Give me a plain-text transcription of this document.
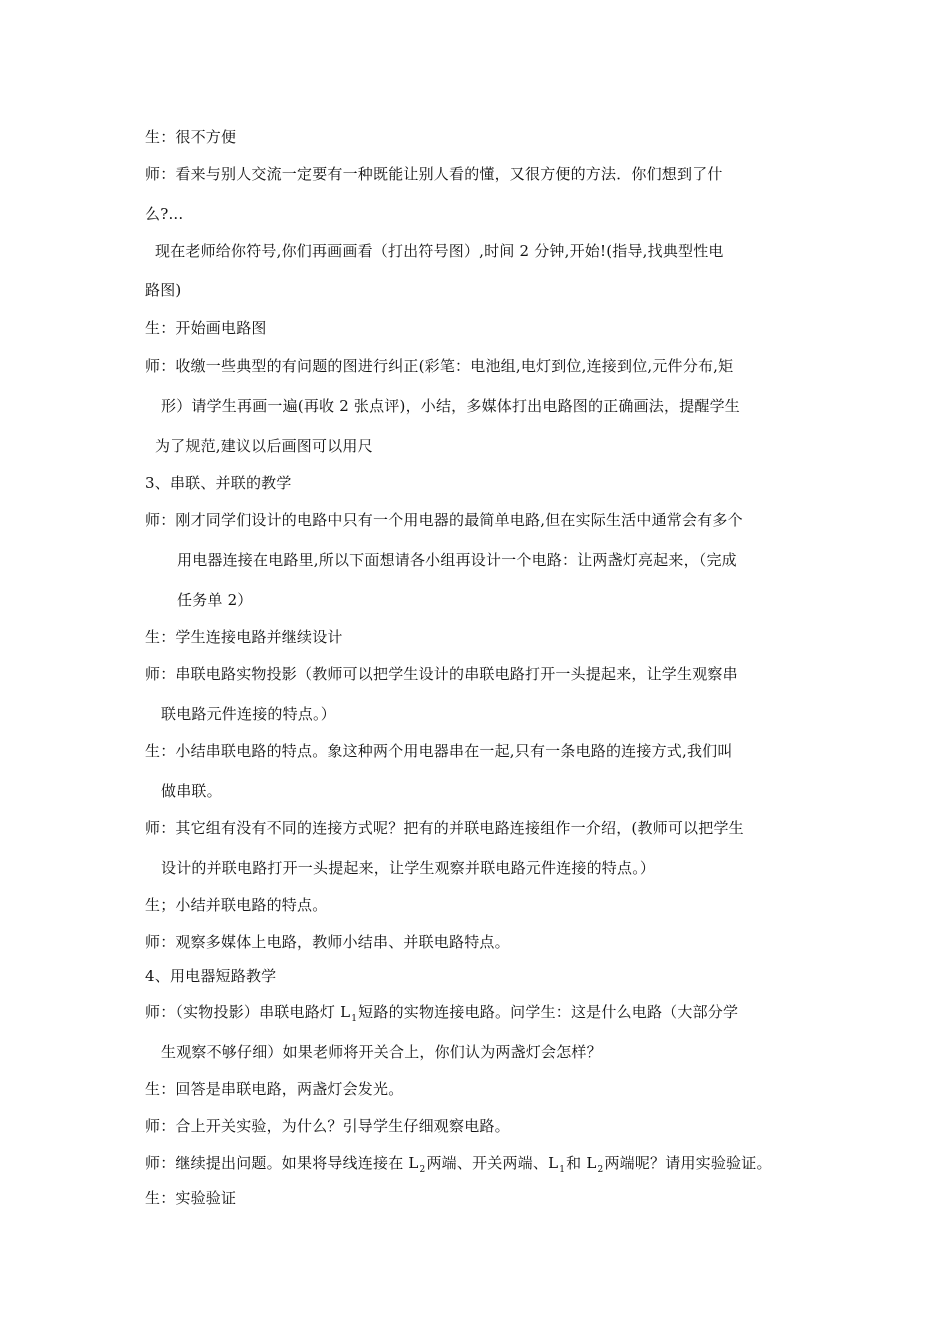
生：很不方便
师：看来与别人交流一定要有一种既能让别人看的懂，又很方便的方法．你们想到了什
么?...
现在老师给你符号,你们再画画看（打出符号图）,时间 2 分钟,开始!(指导,找典型性电
路图)
生：开始画电路图
师：收缴一些典型的有问题的图进行纠正(彩笔：电池组,电灯到位,连接到位,元件分布,矩
形）请学生再画一遍(再收 2 张点评)，小结，多媒体打出电路图的正确画法，提醒学生
为了规范,建议以后画图可以用尺
3、串联、并联的教学
师：刚才同学们设计的电路中只有一个用电器的最简单电路,但在实际生活中通常会有多个
用电器连接在电路里,所以下面想请各小组再设计一个电路：让两盏灯亮起来，（完成
任务单 2）
生：学生连接电路并继续设计
师：串联电路实物投影（教师可以把学生设计的串联电路打开一头提起来，让学生观察串
联电路元件连接的特点。）
生：小结串联电路的特点。象这种两个用电器串在一起,只有一条电路的连接方式,我们叫
做串联。
师：其它组有没有不同的连接方式呢？把有的并联电路连接组作一介绍，(教师可以把学生
设计的并联电路打开一头提起来，让学生观察并联电路元件连接的特点。）
生；小结并联电路的特点。
师：观察多媒体上电路，教师小结串、并联电路特点。
4、用电器短路教学
师：（实物投影）串联电路灯 $L_1$短路的实物连接电路。问学生：这是什么电路（大部分学
生观察不够仔细）如果老师将开关合上，你们认为两盏灯会怎样？
生：回答是串联电路，两盏灯会发光。
师：合上开关实验，为什么？引导学生仔细观察电路。
师：继续提出问题。如果将导线连接在 $L_2$两端、开关两端、$L_1$和 $L_2$两端呢？请用实验验证。
生：实验验证
